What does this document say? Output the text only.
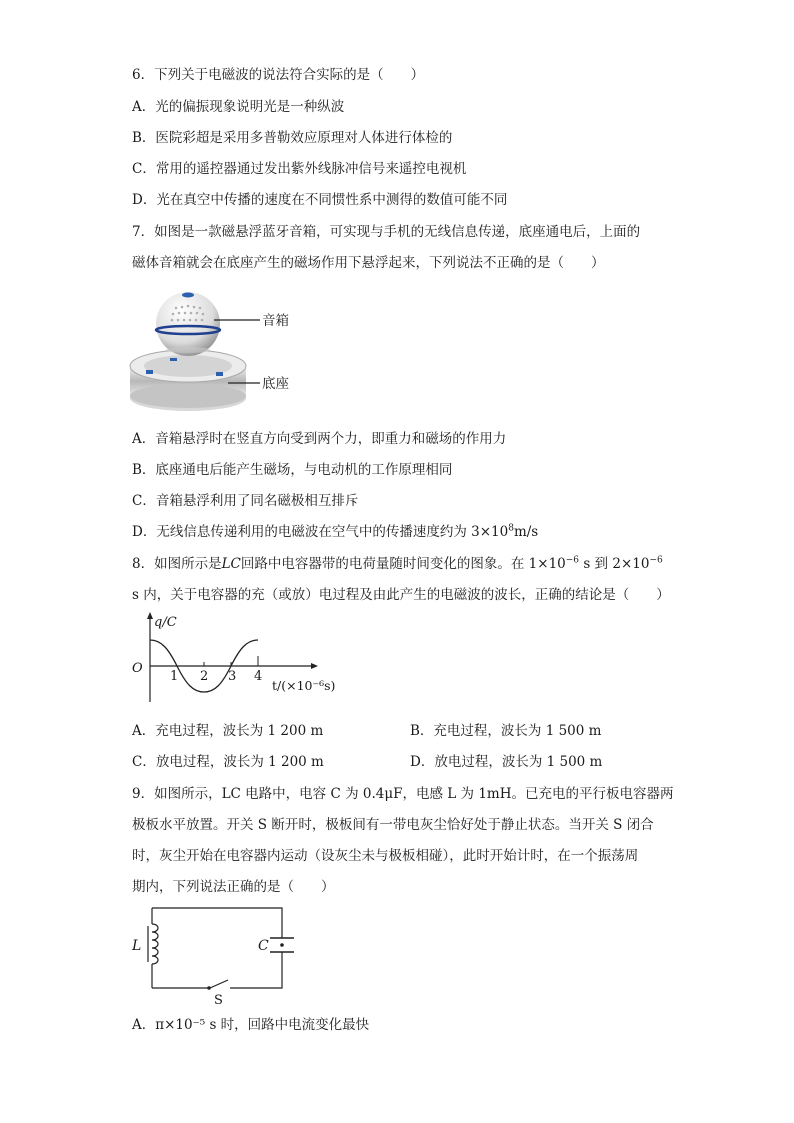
6．下列关于电磁波的说法符合实际的是（　　）
A．光的偏振现象说明光是一种纵波
B．医院彩超是采用多普勒效应原理对人体进行体检的
C．常用的遥控器通过发出紫外线脉冲信号来遥控电视机
D．光在真空中传播的速度在不同惯性系中测得的数值可能不同
7．如图是一款磁悬浮蓝牙音箱，可实现与手机的无线信息传递，底座通电后，上面的
磁体音箱就会在底座产生的磁场作用下悬浮起来，下列说法不正确的是（　　）
音箱
底座
A．音箱悬浮时在竖直方向受到两个力，即重力和磁场的作用力
B．底座通电后能产生磁场，与电动机的工作原理相同
C．音箱悬浮利用了同名磁极相互排斥
D．无线信息传递利用的电磁波在空气中的传播速度约为 $3\times 10^8m/s$
8．如图所示是LC回路中电容器带的电荷量随时间变化的图象。在 $1\times 10^{-6}$ s 到 $2\times 10^{-6}$
s 内，关于电容器的充（或放）电过程及由此产生的电磁波的波长，正确的结论是（　　）
q/C
O
1 2 3 4
t/(×10⁻⁶s)
A．充电过程，波长为 1 200 m	B．充电过程，波长为 1 500 m
C．放电过程，波长为 1 200 m	D．放电过程，波长为 1 500 m
9．如图所示，LC 电路中，电容 C 为 0.4μF，电感 L 为 1mH。已充电的平行板电容器两
极板水平放置。开关 S 断开时，极板间有一带电灰尘恰好处于静止状态。当开关 S 闭合
时，灰尘开始在电容器内运动（设灰尘未与极板相碰），此时开始计时，在一个振荡周
期内，下列说法正确的是（　　）
L	C
S
A．π×10⁻⁵ s 时，回路中电流变化最快
